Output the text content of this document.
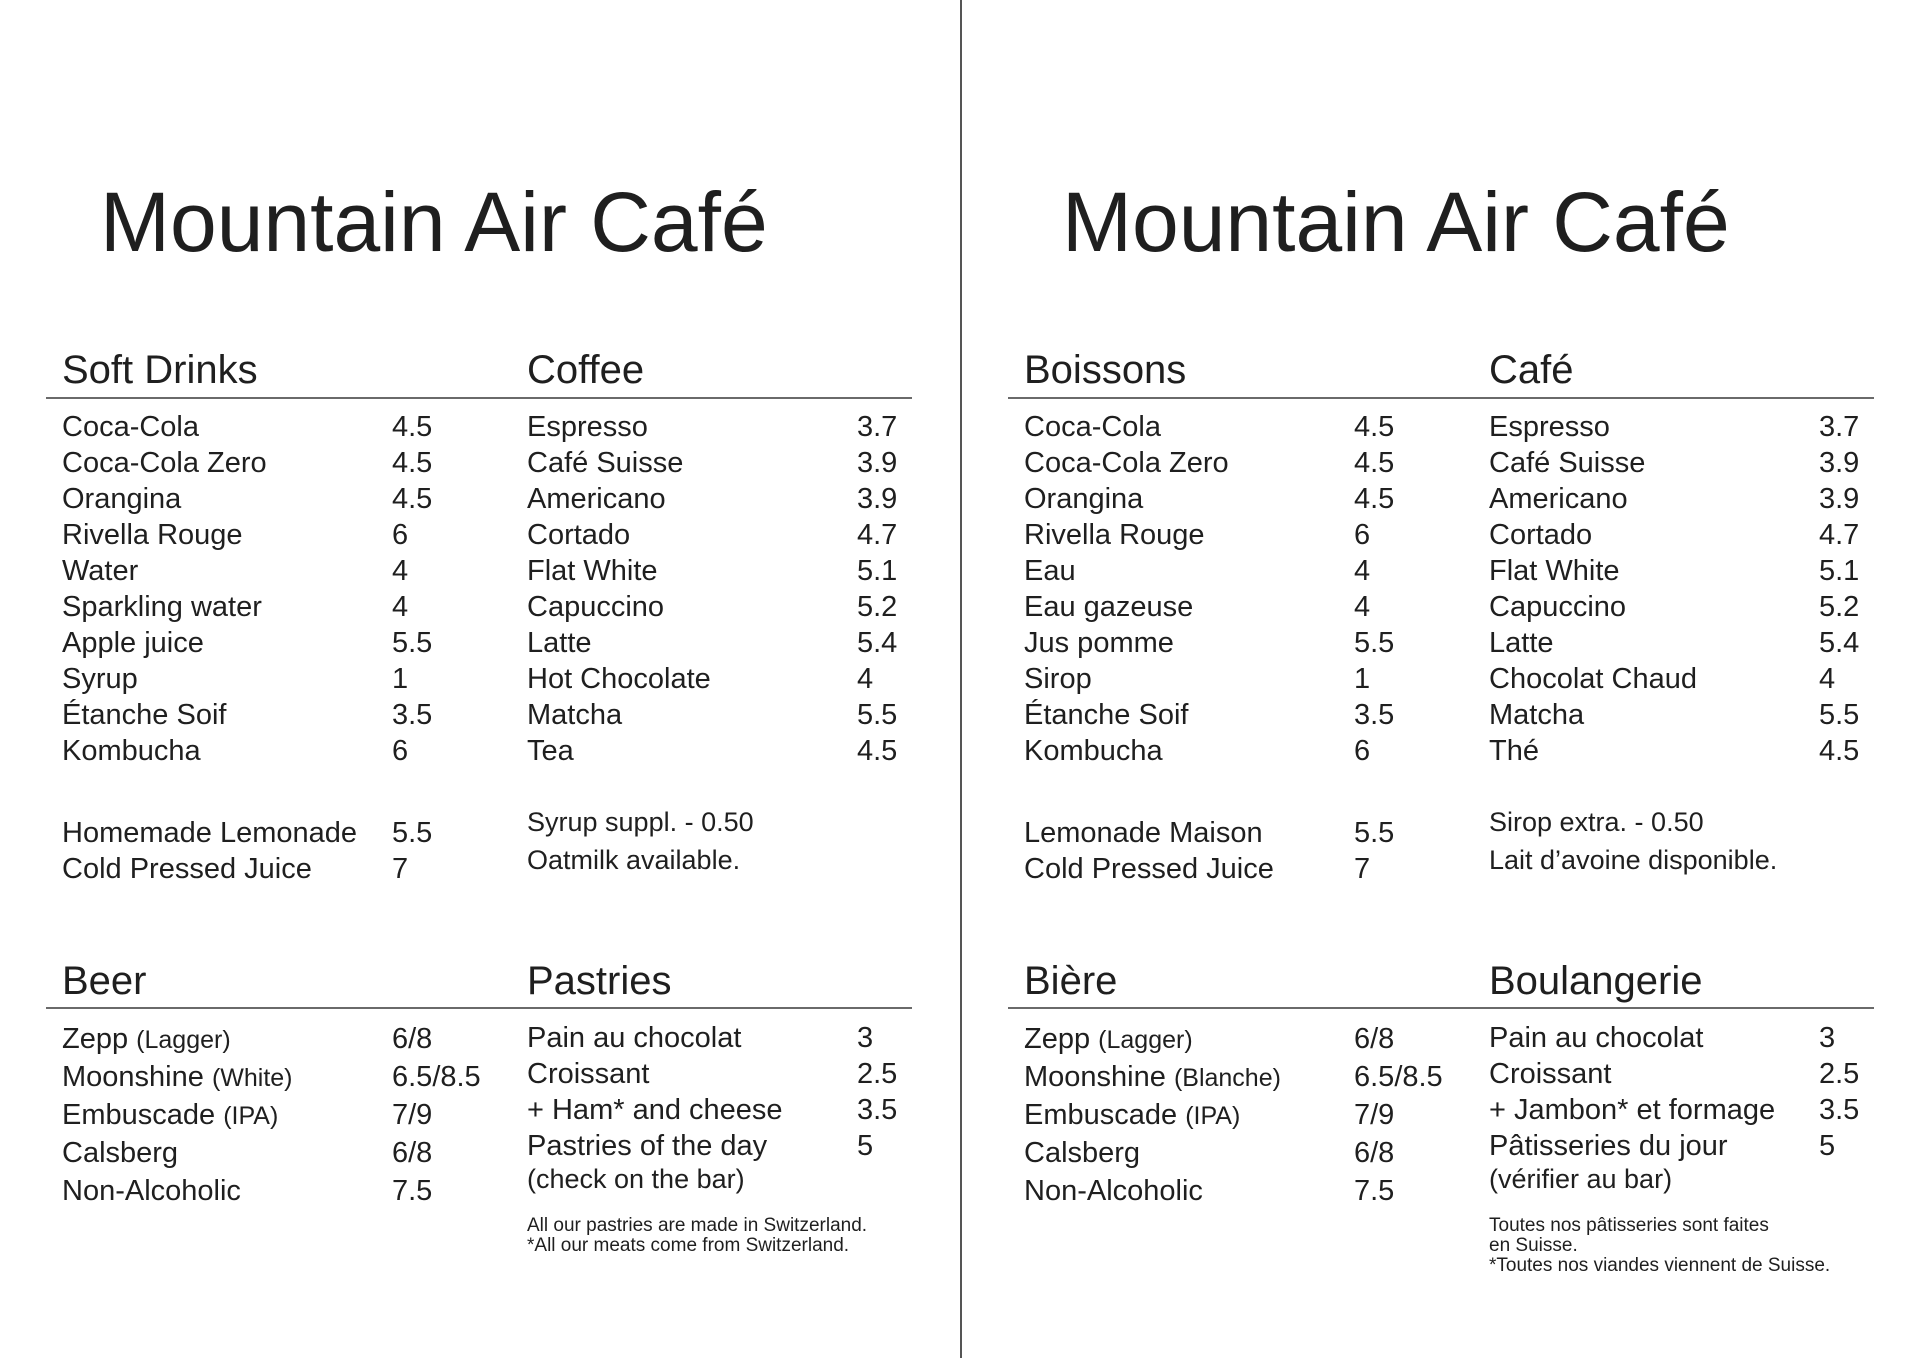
Mountain Air Café
Soft Drinks
Coca-Cola	4.5
Coca-Cola Zero	4.5
Orangina	4.5
Rivella Rouge	6
Water	4
Sparkling water	4
Apple juice	5.5
Syrup	1
Étanche Soif	3.5
Kombucha	6
Homemade Lemonade 5.5
Cold Pressed Juice	7
Coffee
Espresso	3.7
Café Suisse	3.9
Americano	3.9
Cortado	4.7
Flat White	5.1
Capuccino	5.2
Latte	5.4
Hot Chocolate	4
Matcha	5.5
Tea	4.5

Syrup suppl. - 0.50
Oatmilk available.

Beer
Zepp (Lagger)	6/8
Moonshine (White)	6.5/8.5
Embuscade (IPA)	7/9
Calsberg	6/8
Non-Alcoholic	7.5
Pastries
Pain au chocolat	3
Croissant	2.5
+ Ham* and cheese	3.5
Pastries of the day	5
(check on the bar)
All our pastries are made in Switzerland.
*All our meats come from Switzerland.
Mountain Air Café
Boissons
Coca-Cola	4.5
Coca-Cola Zero	4.5
Orangina	4.5
Rivella Rouge	6
Eau	4
Eau gazeuse	4
Jus pomme	5.5
Sirop	1
Étanche Soif	3.5
Kombucha	6
Lemonade Maison	5.5
Cold Pressed Juice	7
Café
Espresso	3.7
Café Suisse	3.9
Americano	3.9
Cortado	4.7
Flat White	5.1
Capuccino	5.2
Latte	5.4
Chocolat Chaud	4
Matcha	5.5
Thé	4.5

Sirop extra. - 0.50
Lait d’avoine disponible.

Bière
Zepp (Lagger)	6/8
Moonshine (Blanche)	6.5/8.5
Embuscade (IPA)	7/9
Calsberg	6/8
Non-Alcoholic	7.5
Boulangerie
Pain au chocolat	3
Croissant	2.5
+ Jambon* et formage 3.5
Pâtisseries du jour	5
(vérifier au bar)
Toutes nos pâtisseries sont faites
en Suisse.
*Toutes nos viandes viennent de Suisse.
